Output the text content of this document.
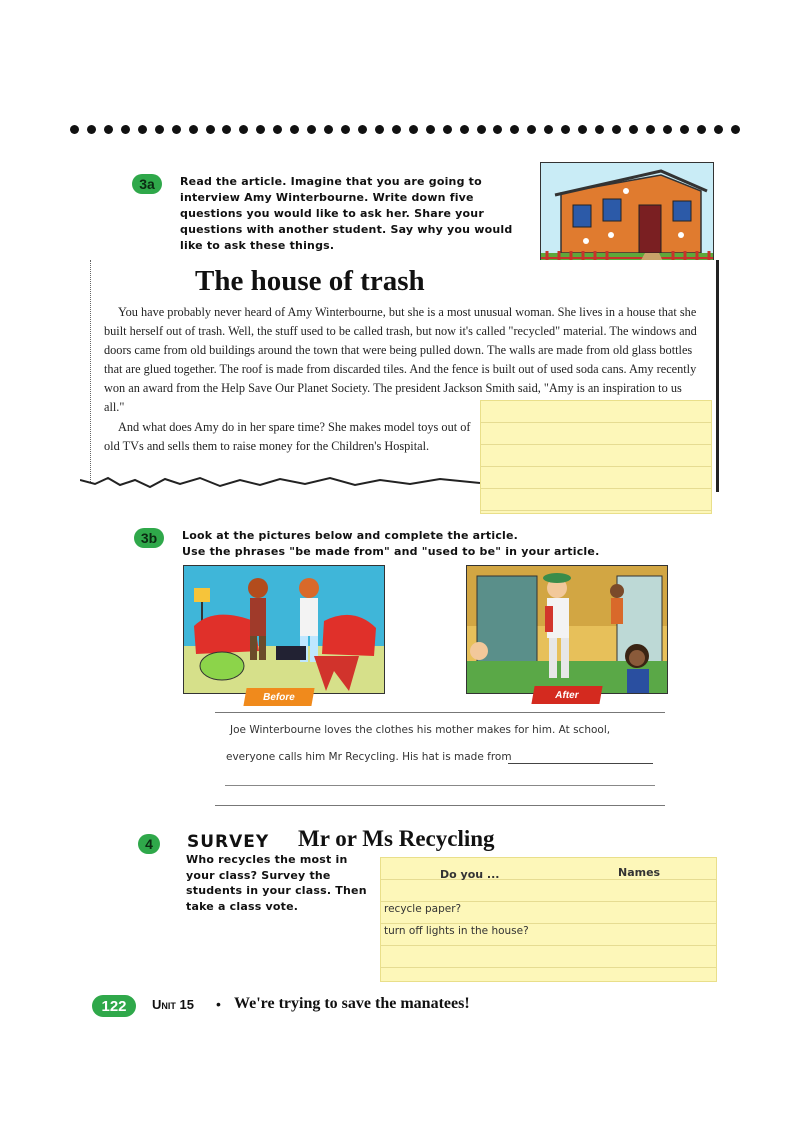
3a	Read the article. Imagine that you are going to interview Amy Winterbourne. Write down five questions you would like to ask her. Share your questions with another student. Say why you would like to ask these things.
The house of trash

You have probably never heard of Amy Winterbourne, but she is a most unusual woman. She lives in a house that she built herself out of trash. Well, the stuff used to be called trash, but now it's called "recycled" material. The windows and doors came from old buildings around the town that were being pulled down. The walls are made from old glass bottles that are glued together. The roof is made from discarded tiles. And the fence is built out of used soda cans. Amy recently won an award from the Help Save Our Planet Society. The president Jackson Smith said, "Amy is an inspiration to us all."

And what does Amy do in her spare time? She makes model toys out of old TVs and sells them to raise money for the Children's Hospital.

3b	Look at the pictures below and complete the article.
Use the phrases "be made from" and "used to be" in your article.
Before	After
Joe Winterbourne loves the clothes his mother makes for him. At school,
everyone calls him Mr Recycling. His hat is made from
4	SURVEY Mr or Ms Recycling
Who recycles the most in your class? Survey the students in your class. Then take a class vote.
Do you ...	Names
recycle paper?
turn off lights in the house?
122	Unit 15 • We're trying to save the manatees!
